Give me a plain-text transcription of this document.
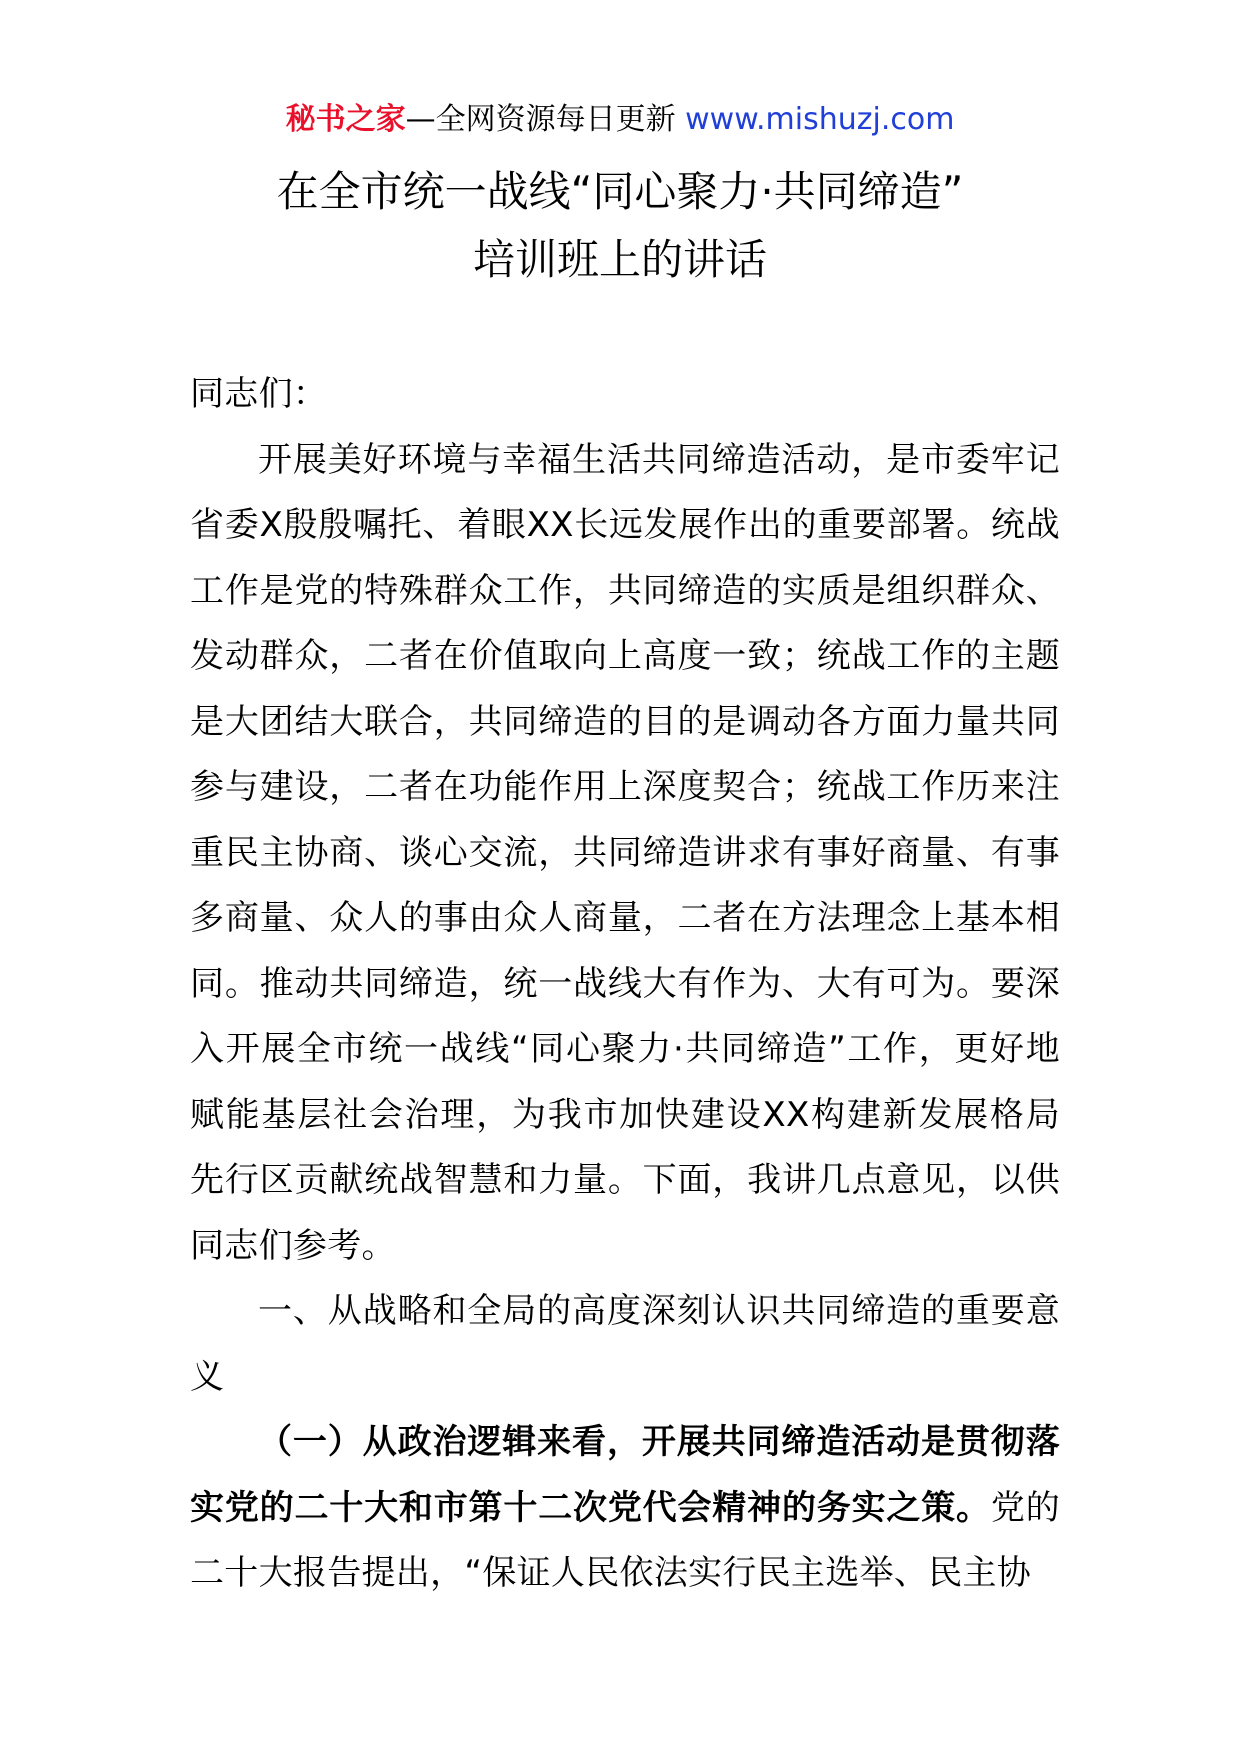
秘书之家—全网资源每日更新 www.mishuzj.com
在全市统一战线“同心聚力·共同缔造”
培训班上的讲话

同志们：

开展美好环境与幸福生活共同缔造活动，是市委牢记省委X殷殷嘱托、着眼XX长远发展作出的重要部署。统战工作是党的特殊群众工作，共同缔造的实质是组织群众、发动群众，二者在价值取向上高度一致；统战工作的主题是大团结大联合，共同缔造的目的是调动各方面力量共同参与建设，二者在功能作用上深度契合；统战工作历来注重民主协商、谈心交流，共同缔造讲求有事好商量、有事多商量、众人的事由众人商量，二者在方法理念上基本相同。推动共同缔造，统一战线大有作为、大有可为。要深入开展全市统一战线“同心聚力·共同缔造”工作，更好地赋能基层社会治理，为我市加快建设XX构建新发展格局先行区贡献统战智慧和力量。下面，我讲几点意见，以供同志们参考。

一、从战略和全局的高度深刻认识共同缔造的重要意义

（一）从政治逻辑来看，开展共同缔造活动是贯彻落实党的二十大和市第十二次党代会精神的务实之策。党的二十大报告提出，“保证人民依法实行民主选举、民主协
